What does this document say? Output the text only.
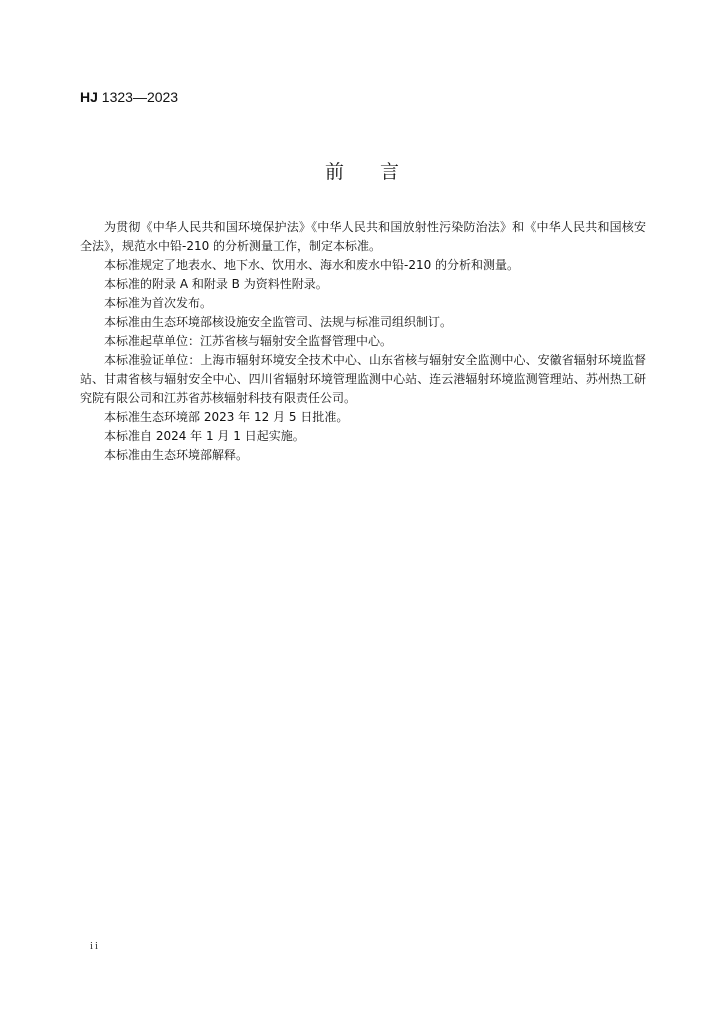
HJ 1323—2023
前 言

为贯彻《中华人民共和国环境保护法》《中华人民共和国放射性污染防治法》和《中华人民共和国核安全法》，规范水中铅-210 的分析测量工作，制定本标准。

本标准规定了地表水、地下水、饮用水、海水和废水中铅-210 的分析和测量。

本标准的附录 A 和附录 B 为资料性附录。

本标准为首次发布。

本标准由生态环境部核设施安全监管司、法规与标准司组织制订。

本标准起草单位：江苏省核与辐射安全监督管理中心。

本标准验证单位：上海市辐射环境安全技术中心、山东省核与辐射安全监测中心、安徽省辐射环境监督站、甘肃省核与辐射安全中心、四川省辐射环境管理监测中心站、连云港辐射环境监测管理站、苏州热工研究院有限公司和江苏省苏核辐射科技有限责任公司。

本标准生态环境部 2023 年 12 月 5 日批准。

本标准自 2024 年 1 月 1 日起实施。

本标准由生态环境部解释。

ii
